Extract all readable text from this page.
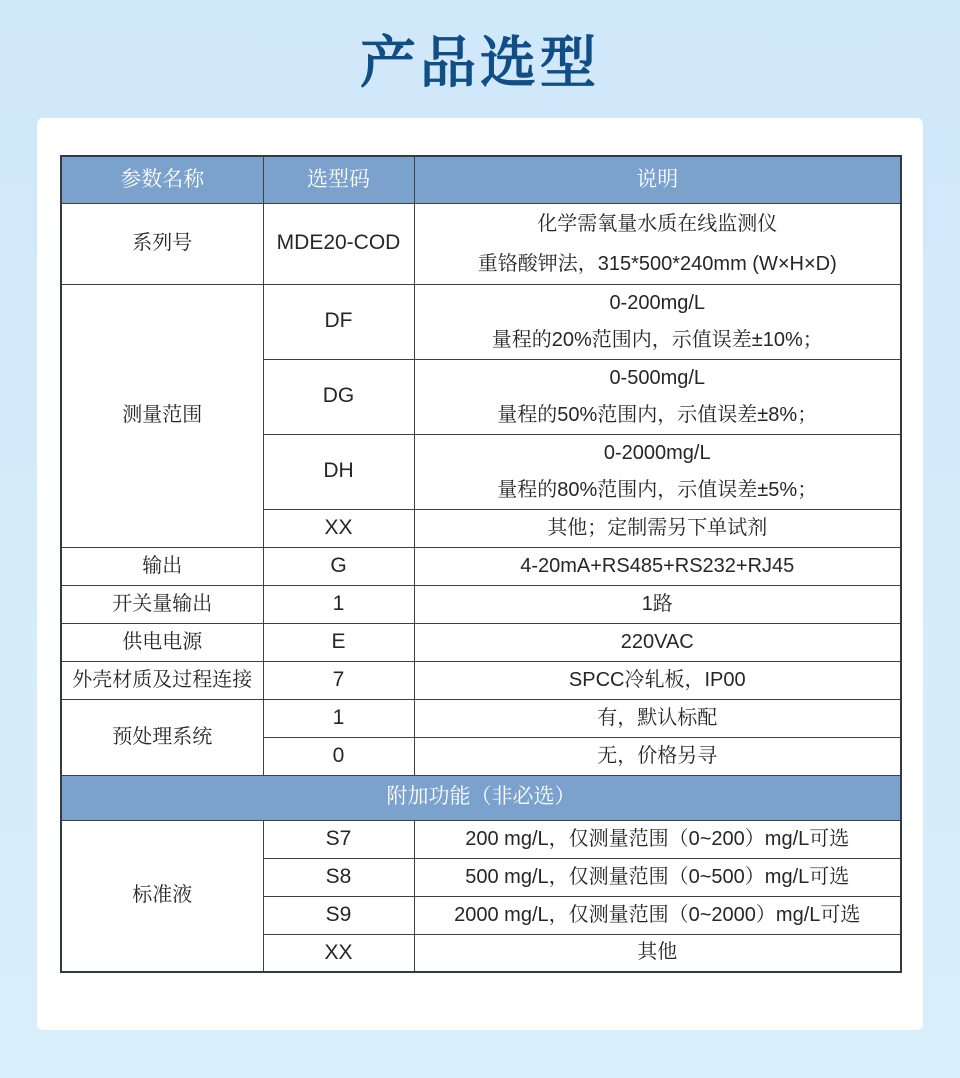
产品选型
参数名称	选型码	说明
系列号	MDE20-COD	化学需氧量水质在线监测仪
重铬酸钾法，315*500*240mm (W×H×D)

测量范围	DF	0-200mg/L
量程的20%范围内，示值误差±10%；

	DG	0-500mg/L
量程的50%范围内，示值误差±8%；

	DH	0-2000mg/L
量程的80%范围内，示值误差±5%；

	XX	其他；定制需另下单试剂
输出	G	4-20mA+RS485+RS232+RJ45
开关量输出	1	1路
供电电源	E	220VAC
外壳材质及过程连接	7	SPCC冷轧板，IP00
预处理系统	1	有，默认标配
	0	无，价格另寻
附加功能（非必选）		
标准液	S7	200 mg/L，仅测量范围（0~200）mg/L可选
	S8	500 mg/L，仅测量范围（0~500）mg/L可选
	S9	2000 mg/L，仅测量范围（0~2000）mg/L可选
	XX	其他
